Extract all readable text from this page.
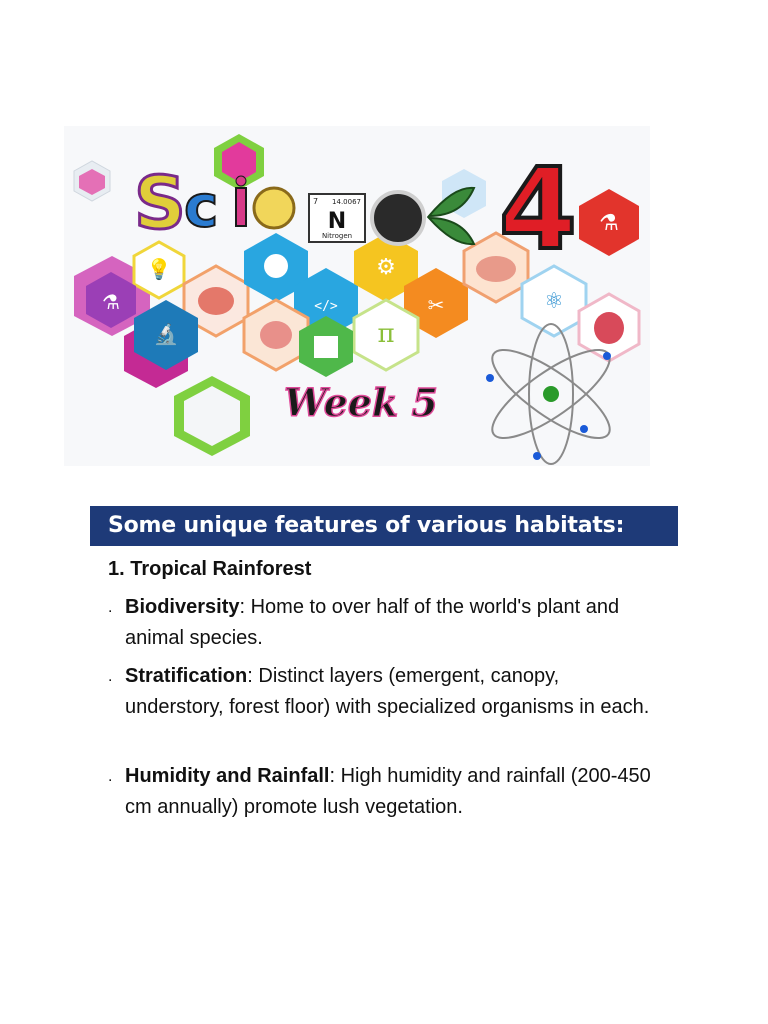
💡
⚗	</>
⚙
✂	⚛
⚗
🔬	π
S
c	7 14.0067
N
Nitrogen 4
Week 5
Some unique features of various habitats:
1. Tropical Rainforest
. Biodiversity: Home to over half of the world's plant and animal species.
. Stratification: Distinct layers (emergent, canopy, understory, forest floor) with specialized organisms in each.
. Humidity and Rainfall: High humidity and rainfall (200-450 cm annually) promote lush vegetation.
